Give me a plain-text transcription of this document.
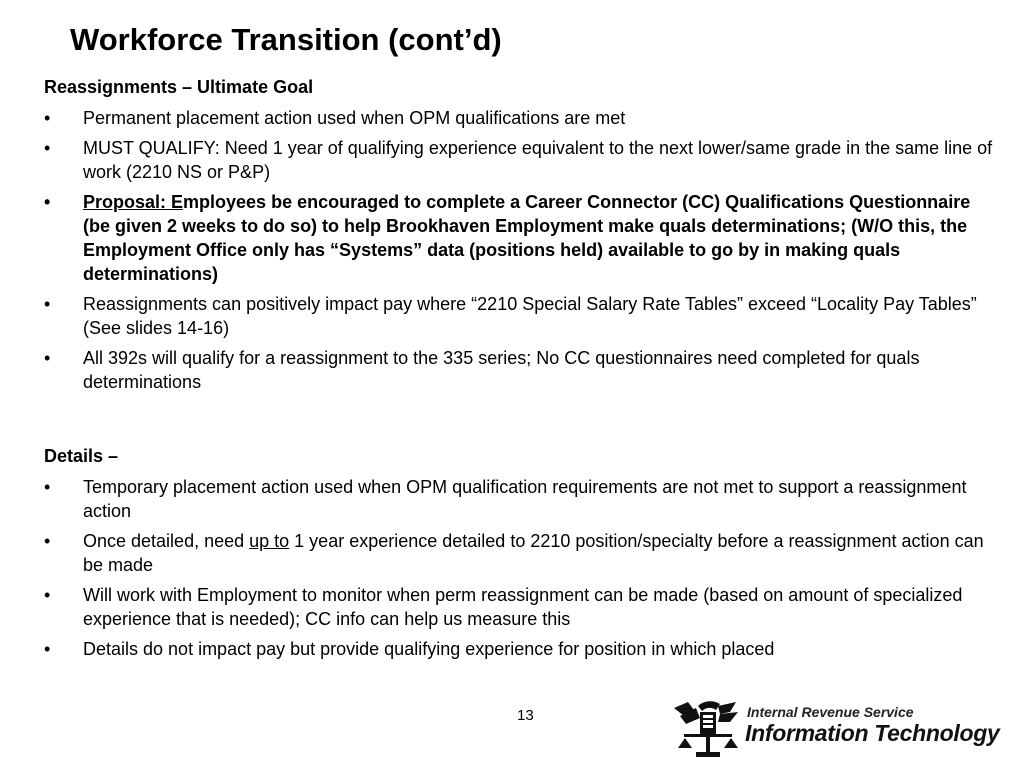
Workforce Transition (cont’d)
Reassignments – Ultimate Goal
• Permanent placement action used when OPM qualifications are met
• MUST QUALIFY: Need 1 year of qualifying experience equivalent to the next lower/same grade in the same line of work (2210 NS or P&P)
• Proposal: Employees be encouraged to complete a Career Connector (CC) Qualifications Questionnaire (be given 2 weeks to do so) to help Brookhaven Employment make quals determinations; (W/O this, the Employment Office only has “Systems” data (positions held) available to go by in making quals determinations)
• Reassignments can positively impact pay where “2210 Special Salary Rate Tables” exceed “Locality Pay Tables” (See slides 14-16)
• All 392s will qualify for a reassignment to the 335 series; No CC questionnaires need completed for quals determinations
Details –
• Temporary placement action used when OPM qualification requirements are not met to support a reassignment action
• Once detailed, need up to 1 year experience detailed to 2210 position/specialty before a reassignment action can be made
• Will work with Employment to monitor when perm reassignment can be made (based on amount of specialized experience that is needed); CC info can help us measure this
• Details do not impact pay but provide qualifying experience for position in which placed
13	Internal Revenue Service
Information Technology
